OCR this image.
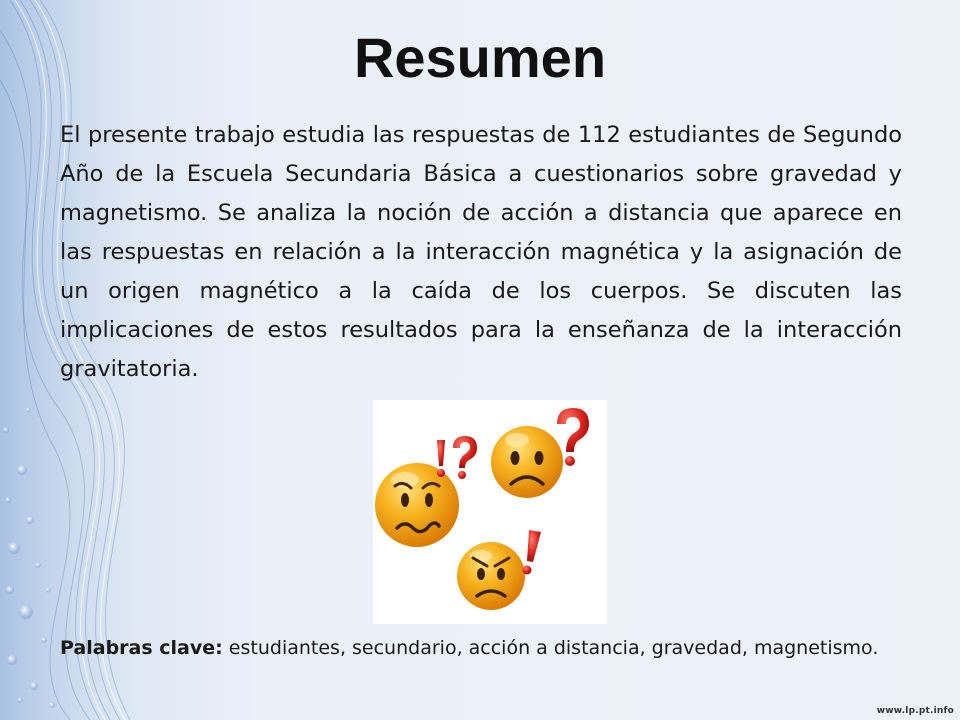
Resumen

El presente trabajo estudia las respuestas de 112 estudiantes de Segundo Año de la Escuela Secundaria Básica a cuestionarios sobre gravedad y magnetismo. Se analiza la noción de acción a distancia que aparece en las respuestas en relación a la interacción magnética y la asignación de un origen magnético a la caída de los cuerpos. Se discuten las implicaciones de estos resultados para la enseñanza de la interacción gravitatoria.

Palabras clave: estudiantes, secundario, acción a distancia, gravedad, magnetismo.

www.lp.pt.info
